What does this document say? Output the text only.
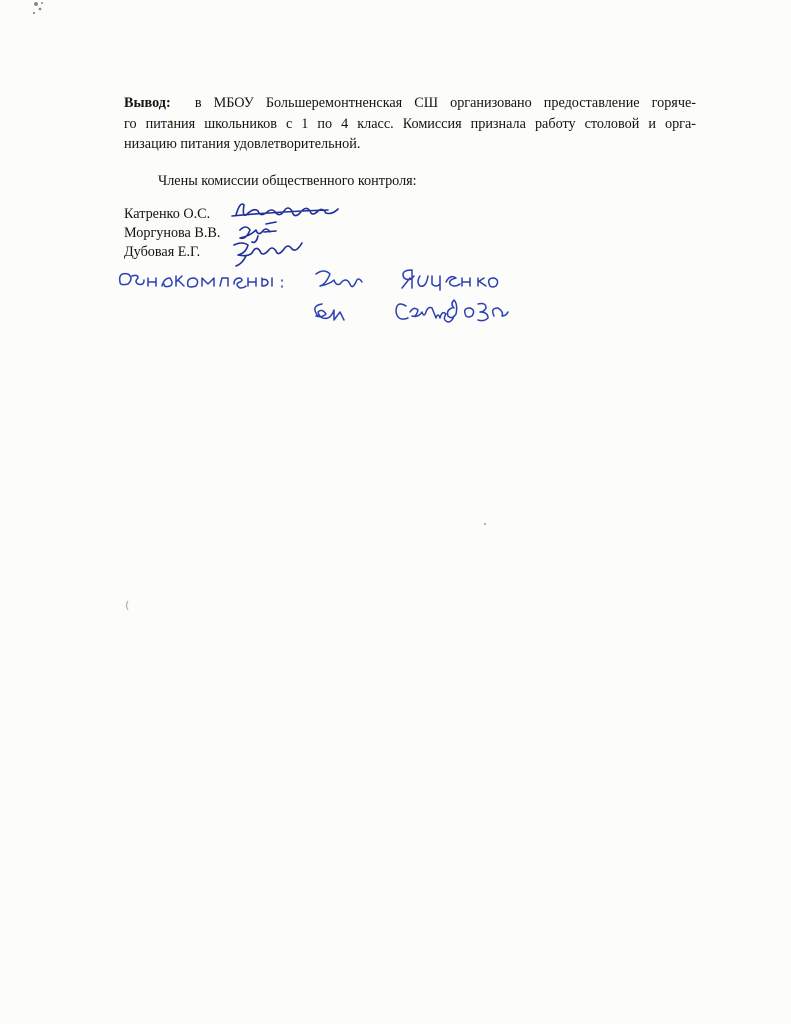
Вывод: в МБОУ Большеремонтненская СШ организовано предоставление горяче-
го питания школьников с 1 по 4 класс. Комиссия признала работу столовой и орга-
низацию питания удовлетворительной.
Члены комиссии общественного контроля:
Катренко О.С.
Моргунова В.В.
Дубовая Е.Г.
